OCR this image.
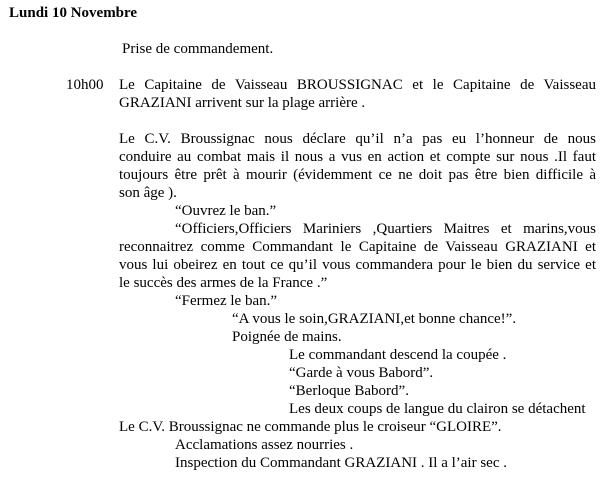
Lundi 10 Novembre
Prise de commandement.
10h00 Le Capitaine de Vaisseau BROUSSIGNAC et le Capitaine de Vaisseau
GRAZIANI arrivent sur la plage arrière .
Le C.V. Broussignac nous déclare qu’il n’a pas eu l’honneur de nous
conduire au combat mais il nous a vus en action et compte sur nous .Il faut
toujours être prêt à mourir (évidemment ce ne doit pas être bien difficile à
son âge ).
“Ouvrez le ban.”
“Officiers,Officiers Mariniers ,Quartiers Maitres et marins,vous
reconnaitrez comme Commandant le Capitaine de Vaisseau GRAZIANI et
vous lui obeirez en tout ce qu’il vous commandera pour le bien du service et
le succès des armes de la France .”
“Fermez le ban.”
“A vous le soin,GRAZIANI,et bonne chance!”.
Poignée de mains.
Le commandant descend la coupée .
“Garde à vous Babord”.
“Berloque Babord”.
Les deux coups de langue du clairon se détachent
Le C.V. Broussignac ne commande plus le croiseur “GLOIRE”.
Acclamations assez nourries .
Inspection du Commandant GRAZIANI . Il a l’air sec .
